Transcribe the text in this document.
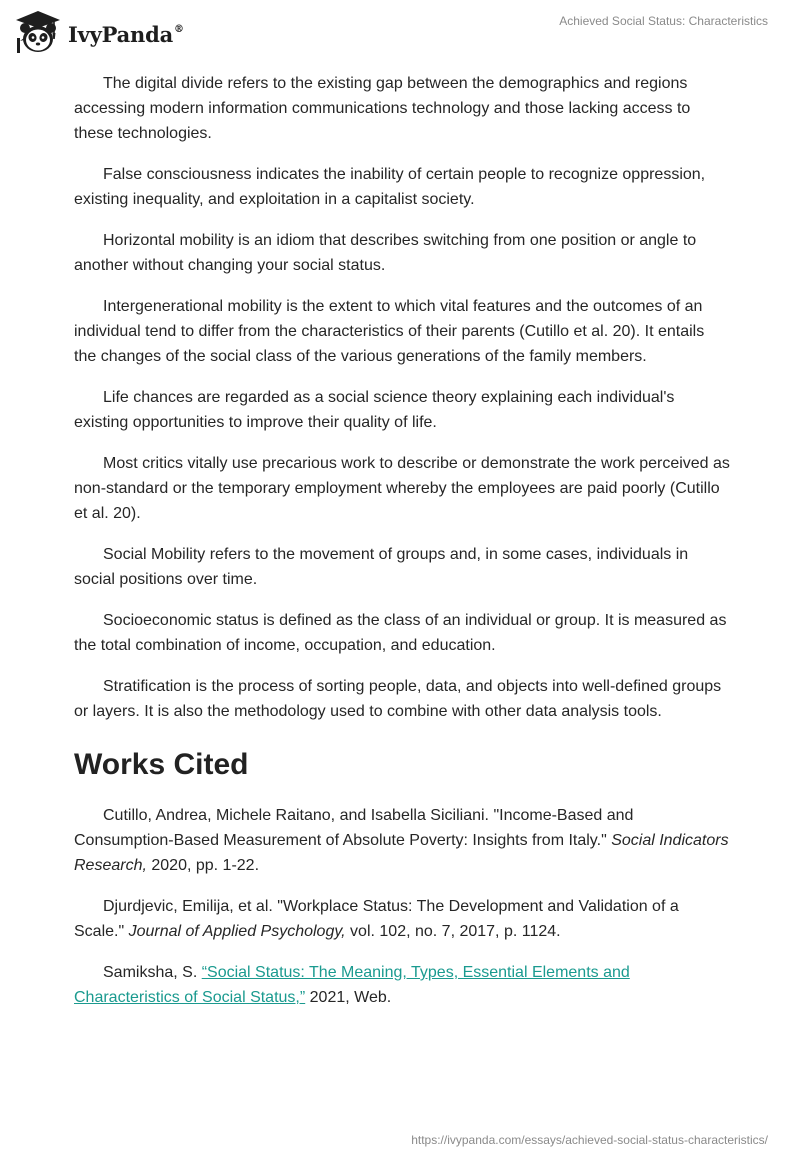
IvyPanda®
Achieved Social Status: Characteristics

The digital divide refers to the existing gap between the demographics and regions accessing modern information communications technology and those lacking access to these technologies.

False consciousness indicates the inability of certain people to recognize oppression, existing inequality, and exploitation in a capitalist society.

Horizontal mobility is an idiom that describes switching from one position or angle to another without changing your social status.

Intergenerational mobility is the extent to which vital features and the outcomes of an individual tend to differ from the characteristics of their parents (Cutillo et al. 20). It entails the changes of the social class of the various generations of the family members.

Life chances are regarded as a social science theory explaining each individual's existing opportunities to improve their quality of life.

Most critics vitally use precarious work to describe or demonstrate the work perceived as non-standard or the temporary employment whereby the employees are paid poorly (Cutillo et al. 20).

Social Mobility refers to the movement of groups and, in some cases, individuals in social positions over time.

Socioeconomic status is defined as the class of an individual or group. It is measured as the total combination of income, occupation, and education.

Stratification is the process of sorting people, data, and objects into well-defined groups or layers. It is also the methodology used to combine with other data analysis tools.

Works Cited

Cutillo, Andrea, Michele Raitano, and Isabella Siciliani. "Income-Based and Consumption-Based Measurement of Absolute Poverty: Insights from Italy." Social Indicators Research, 2020, pp. 1-22.

Djurdjevic, Emilija, et al. "Workplace Status: The Development and Validation of a Scale." Journal of Applied Psychology, vol. 102, no. 7, 2017, p. 1124.

Samiksha, S. “Social Status: The Meaning, Types, Essential Elements and Characteristics of Social Status,” 2021, Web.

https://ivypanda.com/essays/achieved-social-status-characteristics/
